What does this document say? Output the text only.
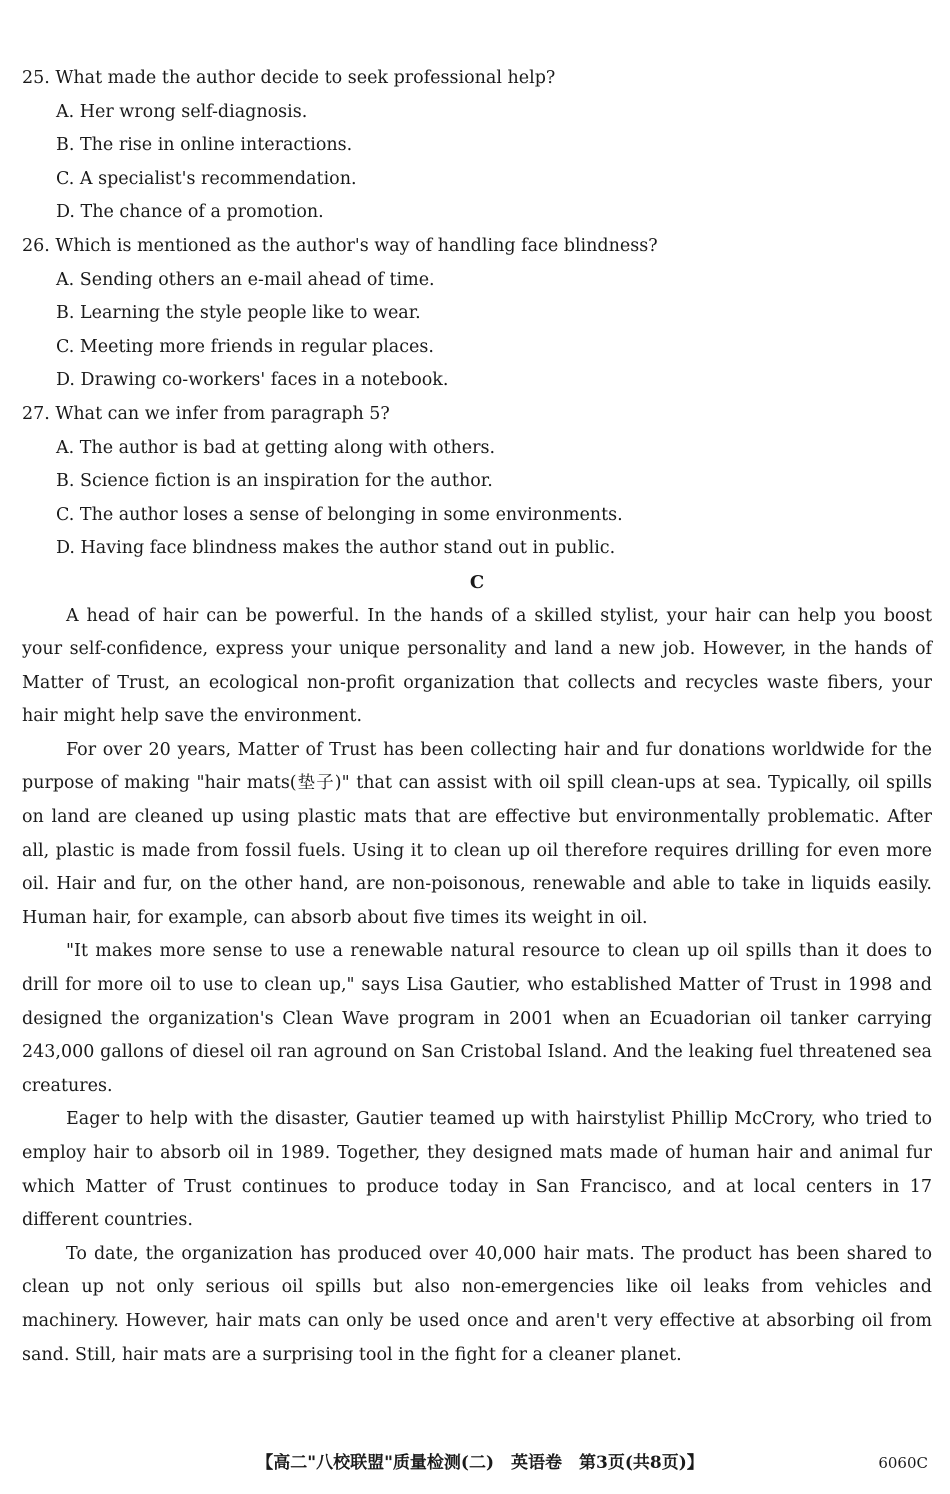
25. What made the author decide to seek professional help?

A. Her wrong self-diagnosis.

B. The rise in online interactions.

C. A specialist's recommendation.

D. The chance of a promotion.

26. Which is mentioned as the author's way of handling face blindness?

A. Sending others an e-mail ahead of time.

B. Learning the style people like to wear.

C. Meeting more friends in regular places.

D. Drawing co-workers' faces in a notebook.

27. What can we infer from paragraph 5?

A. The author is bad at getting along with others.

B. Science fiction is an inspiration for the author.

C. The author loses a sense of belonging in some environments.

D. Having face blindness makes the author stand out in public.

C

A head of hair can be powerful. In the hands of a skilled stylist, your hair can help you boost your self-confidence, express your unique personality and land a new job. However, in the hands of Matter of Trust, an ecological non-profit organization that collects and recycles waste fibers, your hair might help save the environment.

For over 20 years, Matter of Trust has been collecting hair and fur donations worldwide for the purpose of making "hair mats(垫子)" that can assist with oil spill clean-ups at sea. Typically, oil spills on land are cleaned up using plastic mats that are effective but environmentally problematic. After all, plastic is made from fossil fuels. Using it to clean up oil therefore requires drilling for even more oil. Hair and fur, on the other hand, are non-poisonous, renewable and able to take in liquids easily. Human hair, for example, can absorb about five times its weight in oil.

"It makes more sense to use a renewable natural resource to clean up oil spills than it does to drill for more oil to use to clean up," says Lisa Gautier, who established Matter of Trust in 1998 and designed the organization's Clean Wave program in 2001 when an Ecuadorian oil tanker carrying 243,000 gallons of diesel oil ran aground on San Cristobal Island. And the leaking fuel threatened sea creatures.

Eager to help with the disaster, Gautier teamed up with hairstylist Phillip McCrory, who tried to employ hair to absorb oil in 1989. Together, they designed mats made of human hair and animal fur which Matter of Trust continues to produce today in San Francisco, and at local centers in 17 different countries.

To date, the organization has produced over 40,000 hair mats. The product has been shared to clean up not only serious oil spills but also non-emergencies like oil leaks from vehicles and machinery. However, hair mats can only be used once and aren't very effective at absorbing oil from sand. Still, hair mats are a surprising tool in the fight for a cleaner planet.

【高二"八校联盟"质量检测(二)　英语卷　第3页(共8页)】	6060C
